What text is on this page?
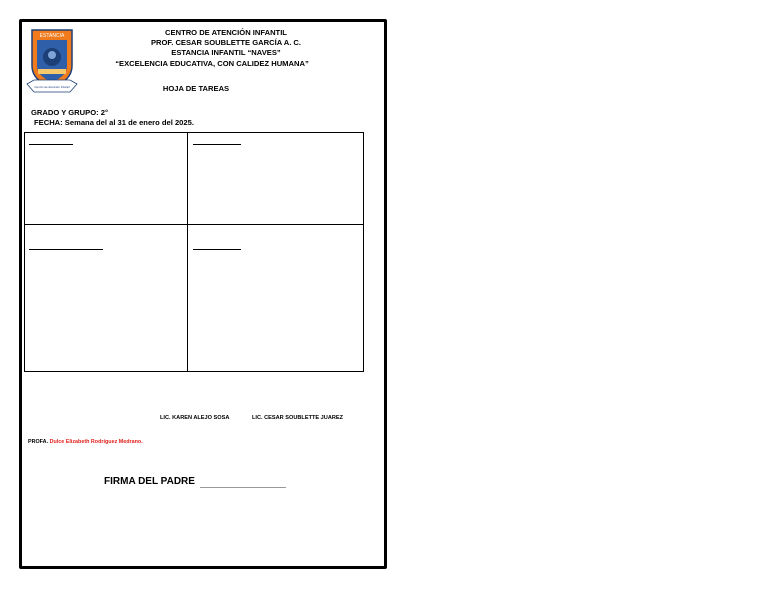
ESTANCIA
Centro de Atención Infantil
CENTRO DE ATENCIÓN INFANTIL
PROF. CESAR SOUBLETTE GARCÍA A. C.
ESTANCIA INFANTIL “NAVES”
“EXCELENCIA EDUCATIVA, CON CALIDEZ HUMANA”
HOJA DE TAREAS
GRADO Y GRUPO: 2°
FECHA: Semana del al 31 de enero del 2025.
LIC. KAREN ALEJO SOSA	LIC. CESAR SOUBLETTE JUAREZ
PROFA. Dulce Elizabeth Rodríguez Medrano.
FIRMA DEL PADRE
